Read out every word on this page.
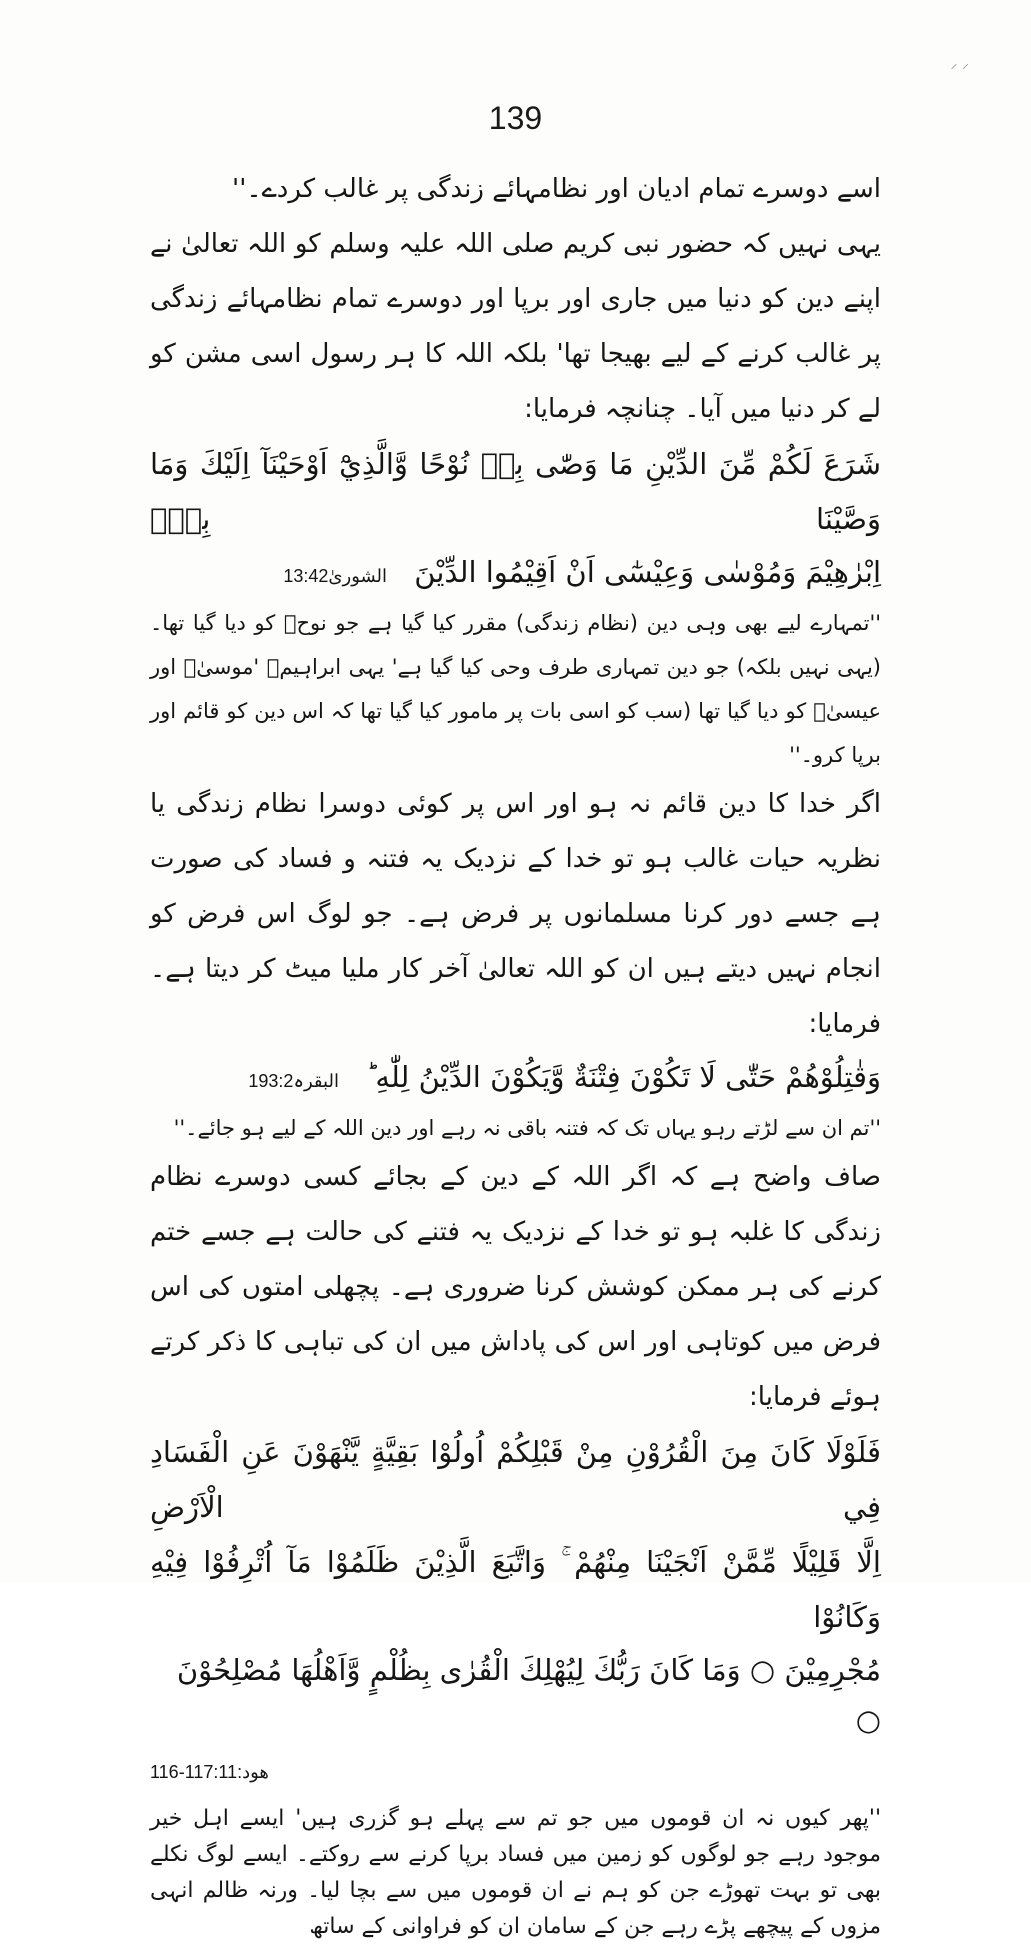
⸝ ⸝
139

اسے دوسرے تمام ادیان اور نظامہائے زندگی پر غالب کردے۔''

یہی نہیں کہ حضور نبی کریم صلی اللہ علیہ وسلم کو اللہ تعالیٰ نے اپنے دین کو دنیا میں جاری اور برپا اور دوسرے تمام نظامہائے زندگی پر غالب کرنے کے لیے بھیجا تھا' بلکہ اللہ کا ہر رسول اسی مشن کو لے کر دنیا میں آیا۔ چنانچہ فرمایا:

شَرَعَ لَكُمْ مِّنَ الدِّيْنِ مَا وَصّٰى بِهٖ نُوْحًا وَّالَّذِيْٓ اَوْحَيْنَآ اِلَيْكَ وَمَا وَصَّيْنَا بِهٖٓ

اِبْرٰهِيْمَ وَمُوْسٰى وَعِيْسٰٓى اَنْ اَقِيْمُوا الدِّيْنَ الشوریٰ13:42

''تمہارے لیے بھی وہی دین (نظام زندگی) مقرر کیا گیا ہے جو نوحؑ کو دیا گیا تھا۔ (یہی نہیں بلکہ) جو دین تمہاری طرف وحی کیا گیا ہے' یہی ابراہیمؑ 'موسیٰؑ اور عیسیٰؑ کو دیا گیا تھا (سب کو اسی بات پر مامور کیا گیا تھا کہ اس دین کو قائم اور برپا کرو۔''

اگر خدا کا دین قائم نہ ہو اور اس پر کوئی دوسرا نظام زندگی یا نظریہ حیات غالب ہو تو خدا کے نزدیک یہ فتنہ و فساد کی صورت ہے جسے دور کرنا مسلمانوں پر فرض ہے۔ جو لوگ اس فرض کو انجام نہیں دیتے ہیں ان کو اللہ تعالیٰ آخر کار ملیا میٹ کر دیتا ہے۔ فرمایا:

وَقٰتِلُوْهُمْ حَتّٰى لَا تَكُوْنَ فِتْنَةٌ وَّيَكُوْنَ الدِّيْنُ لِلّٰهِ ؕ البقرہ193:2

''تم ان سے لڑتے رہو یہاں تک کہ فتنہ باقی نہ رہے اور دین اللہ کے لیے ہو جائے۔''

صاف واضح ہے کہ اگر اللہ کے دین کے بجائے کسی دوسرے نظام زندگی کا غلبہ ہو تو خدا کے نزدیک یہ فتنے کی حالت ہے جسے ختم کرنے کی ہر ممکن کوشش کرنا ضروری ہے۔ پچھلی امتوں کی اس فرض میں کوتاہی اور اس کی پاداش میں ان کی تباہی کا ذکر کرتے ہوئے فرمایا:

فَلَوْلَا كَانَ مِنَ الْقُرُوْنِ مِنْ قَبْلِكُمْ اُولُوْا بَقِيَّةٍ يَّنْهَوْنَ عَنِ الْفَسَادِ فِي الْاَرْضِ

اِلَّا قَلِيْلًا مِّمَّنْ اَنْجَيْنَا مِنْهُمْ ۚ وَاتَّبَعَ الَّذِيْنَ ظَلَمُوْا مَآ اُتْرِفُوْا فِيْهِ وَكَانُوْا

مُجْرِمِيْنَ ○ وَمَا كَانَ رَبُّكَ لِيُهْلِكَ الْقُرٰى بِظُلْمٍ وَّاَهْلُهَا مُصْلِحُوْنَ ○

ھود:116-117:11

''پھر کیوں نہ ان قوموں میں جو تم سے پہلے ہو گزری ہیں' ایسے اہل خیر موجود رہے جو لوگوں کو زمین میں فساد برپا کرنے سے روکتے۔ ایسے لوگ نکلے بھی تو بہت تھوڑے جن کو ہم نے ان قوموں میں سے بچا لیا۔ ورنہ ظالم انہی مزوں کے پیچھے پڑے رہے جن کے سامان ان کو فراوانی کے ساتھ
